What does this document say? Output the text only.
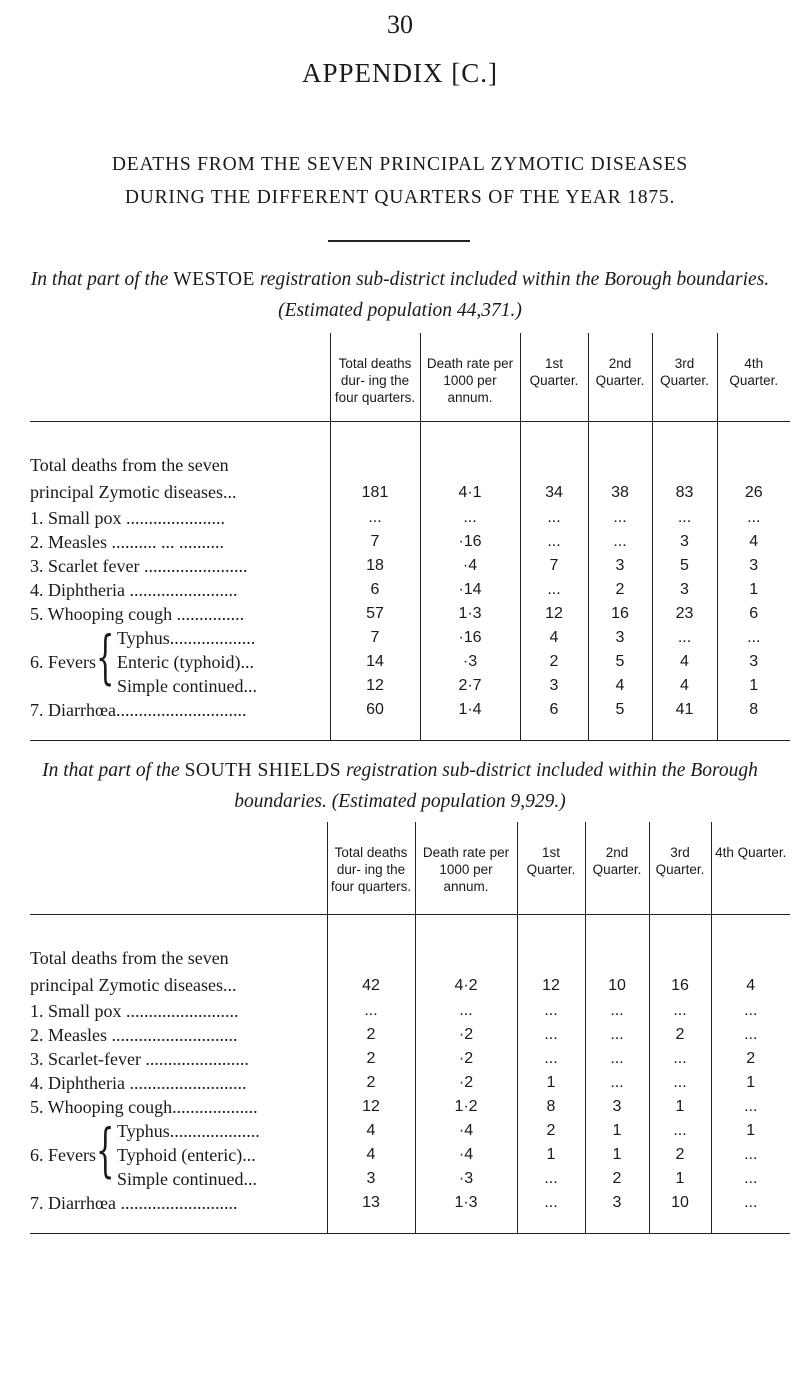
30
APPENDIX [C.]
DEATHS FROM THE SEVEN PRINCIPAL ZYMOTIC DISEASES
DURING THE DIFFERENT QUARTERS OF THE YEAR 1875.
In that part of the WESTOE registration sub-district included within the Borough boundaries. (Estimated population 44,371.)
	Total deaths dur- ing the four quarters.	Death rate per 1000 per annum.	1st Quarter.	2nd Quarter.	3rd Quarter.	4th Quarter.

Total deaths from the seven
principal Zymotic diseases...	181	4·1	34	38	83	26
1. Small pox ......................	...	...	...	...	...	...
2. Measles .......... ... ..........	7	·16	...	...	3	4
3. Scarlet fever .......................	18	·4	7	3	5	3
4. Diphtheria ........................	6	·14	...	2	3	1
5. Whooping cough ...............	57	1·3	12	16	23	6
Typhus...................	7	·16	4	3	...	...

6. Fevers { Enteric (typhoid)...	14	·3	2	5	4	3
Simple continued...	12	2·7	3	4	4	1
7. Diarrhœa.............................	60	1·4	6	5	41	8

In that part of the SOUTH SHIELDS registration sub-district included within the Borough boundaries. (Estimated population 9,929.)
	Total deaths dur- ing the four quarters.	Death rate per 1000 per annum.	1st Quarter.	2nd Quarter.	3rd Quarter.	4th Quarter.

Total deaths from the seven
principal Zymotic diseases...	42	4·2	12	10	16	4
1. Small pox .........................	...	...	...	...	...	...
2. Measles ............................	2	·2	...	...	2	...
3. Scarlet-fever .......................	2	·2	...	...	...	2
4. Diphtheria ..........................	2	·2	1	...	...	1
5. Whooping cough...................	12	1·2	8	3	1	...
Typhus....................	4	·4	2	1	...	1

6. Fevers { Typhoid (enteric)...	4	·4	1	1	2	...
Simple continued...	3	·3	...	2	1	...
7. Diarrhœa ..........................	13	1·3	...	3	10	...
